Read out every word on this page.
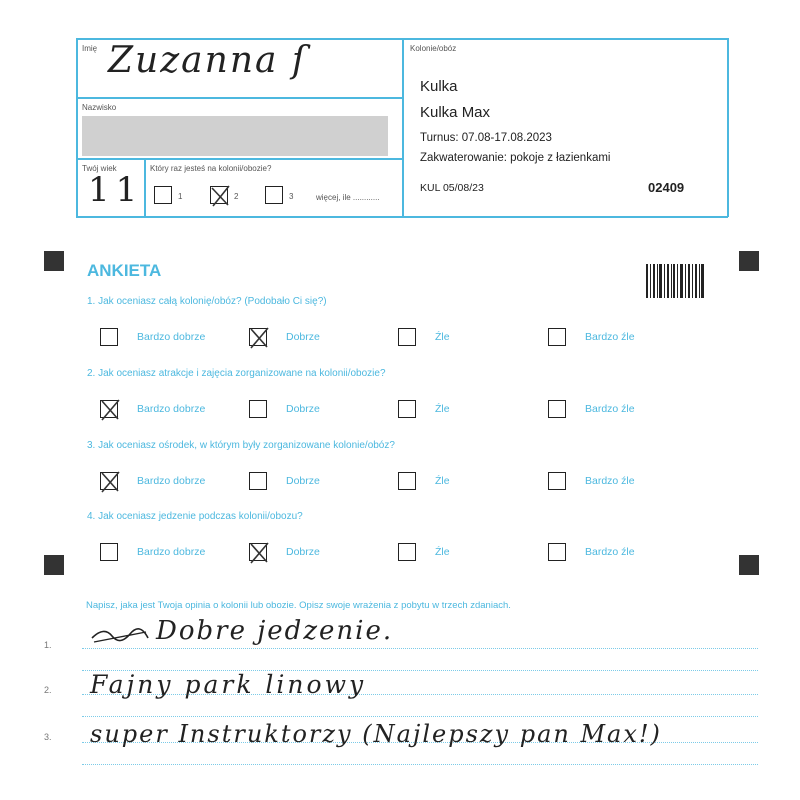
Imię Zuzanna ſ
Nazwisko
Twój wiek
11
Który raz jesteś na kolonii/obozie?
1	2	3	więcej, ile ............
Kolonie/obóz
Kulka
Kulka Max
Turnus: 07.08-17.08.2023
Zakwaterowanie: pokoje z łazienkami
KUL 05/08/23	02409
ANKIETA
1. Jak oceniasz całą kolonię/obóz? (Podobało Ci się?)
Bardzo dobrze	Dobrze	Źle	Bardzo źle
2. Jak oceniasz atrakcje i zajęcia zorganizowane na kolonii/obozie?
Bardzo dobrze	Dobrze	Źle	Bardzo źle
3. Jak oceniasz ośrodek, w którym były zorganizowane kolonie/obóz?
Bardzo dobrze	Dobrze	Źle	Bardzo źle
4. Jak oceniasz jedzenie podczas kolonii/obozu?
Bardzo dobrze	Dobrze	Źle	Bardzo źle
Napisz, jaka jest Twoja opinia o kolonii lub obozie. Opisz swoje wrażenia z pobytu w trzech zdaniach.
1.
2.
3.
Dobre jedzenie.
Fajny park linowy
super Instruktorzy (Najlepszy pan Max!)
